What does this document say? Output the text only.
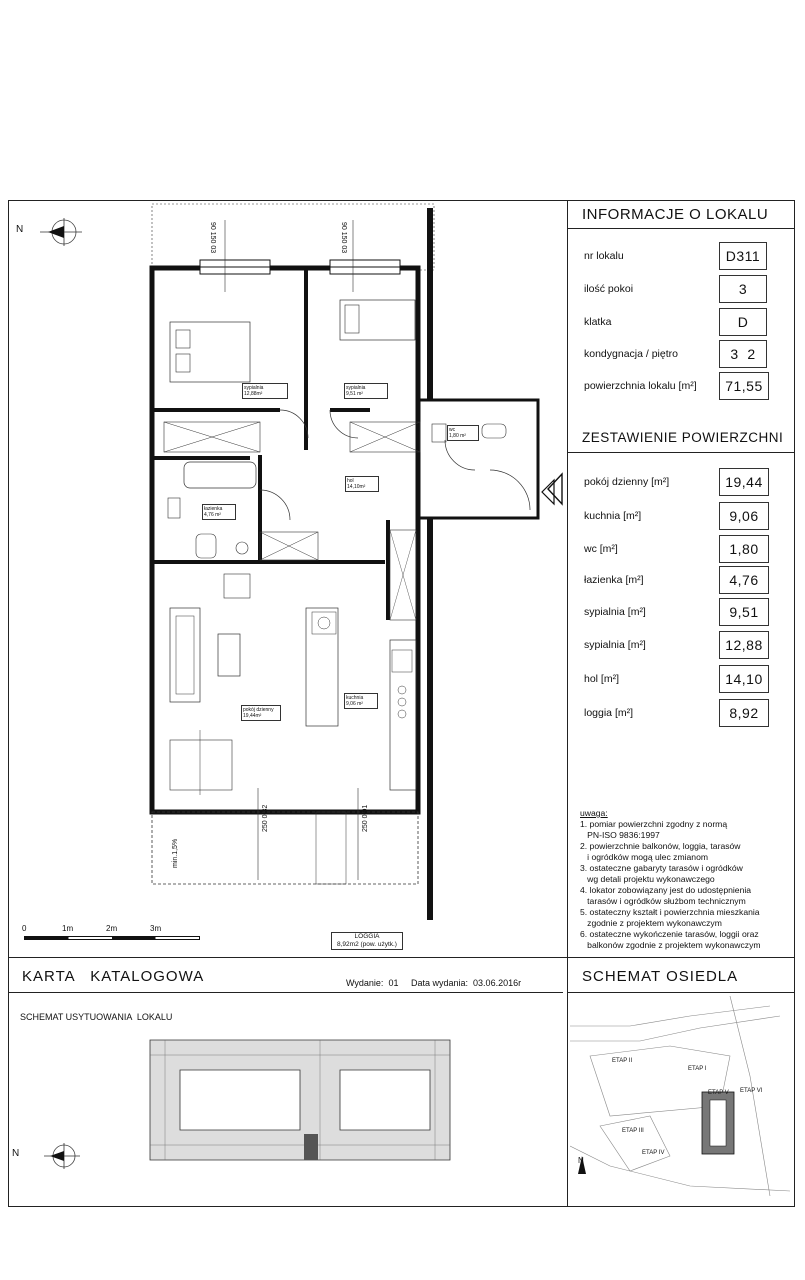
INFORMACJE O LOKALU
nr lokalu	D311
ilość pokoi	3
klatka	D
kondygnacja / piętro	3  2
powierzchnia lokalu [m²]	71,55
ZESTAWIENIE POWIERZCHNI
pokój dzienny [m²]	19,44
kuchnia [m²]	9,06
wc [m²]	1,80
łazienka [m²]	4,76
sypialnia [m²]	9,51
sypialnia [m²]	12,88
hol [m²]	14,10
loggia [m²]	8,92
uwaga:
1. pomiar powierzchni zgodny z normą
PN-ISO 9836:1997
2. powierzchnie balkonów, loggia, tarasów
i ogródków mogą ulec zmianom
3. ostateczne gabaryty tarasów i ogródków
wg detali projektu wykonawczego
4. lokator zobowiązany jest do udostępnienia
tarasów i ogródków służbom technicznym
5. ostateczny kształt i powierzchnia mieszkania
zgodnie z projektem wykonawczym
6. ostateczne wykończenie tarasów, loggii oraz
balkonów zgodnie z projektem wykonawczym
N
sypialnia
12,88m²
sypialnia
9,51 m²
wc
1,80 m²
hol
14,10m²
łazienka
4,76 m²
kuchnia
9,06 m²
pokój dzienny
19,44m²
90 150 03
90 150 03
250 0 32
250 0 01
min.1,5%
LOGGIA
8,92m2 (pow. użytk.)
0	1m	2m	3m
KARTA   KATALOGOWA	Wydanie: 01 Data wydania: 03.06.2016r
SCHEMAT USYTUOWANIA  LOKALU
SCHEMAT OSIEDLA
N
ETAP II
ETAP I
ETAP III
ETAP IV
ETAP V ETAP VI
N
